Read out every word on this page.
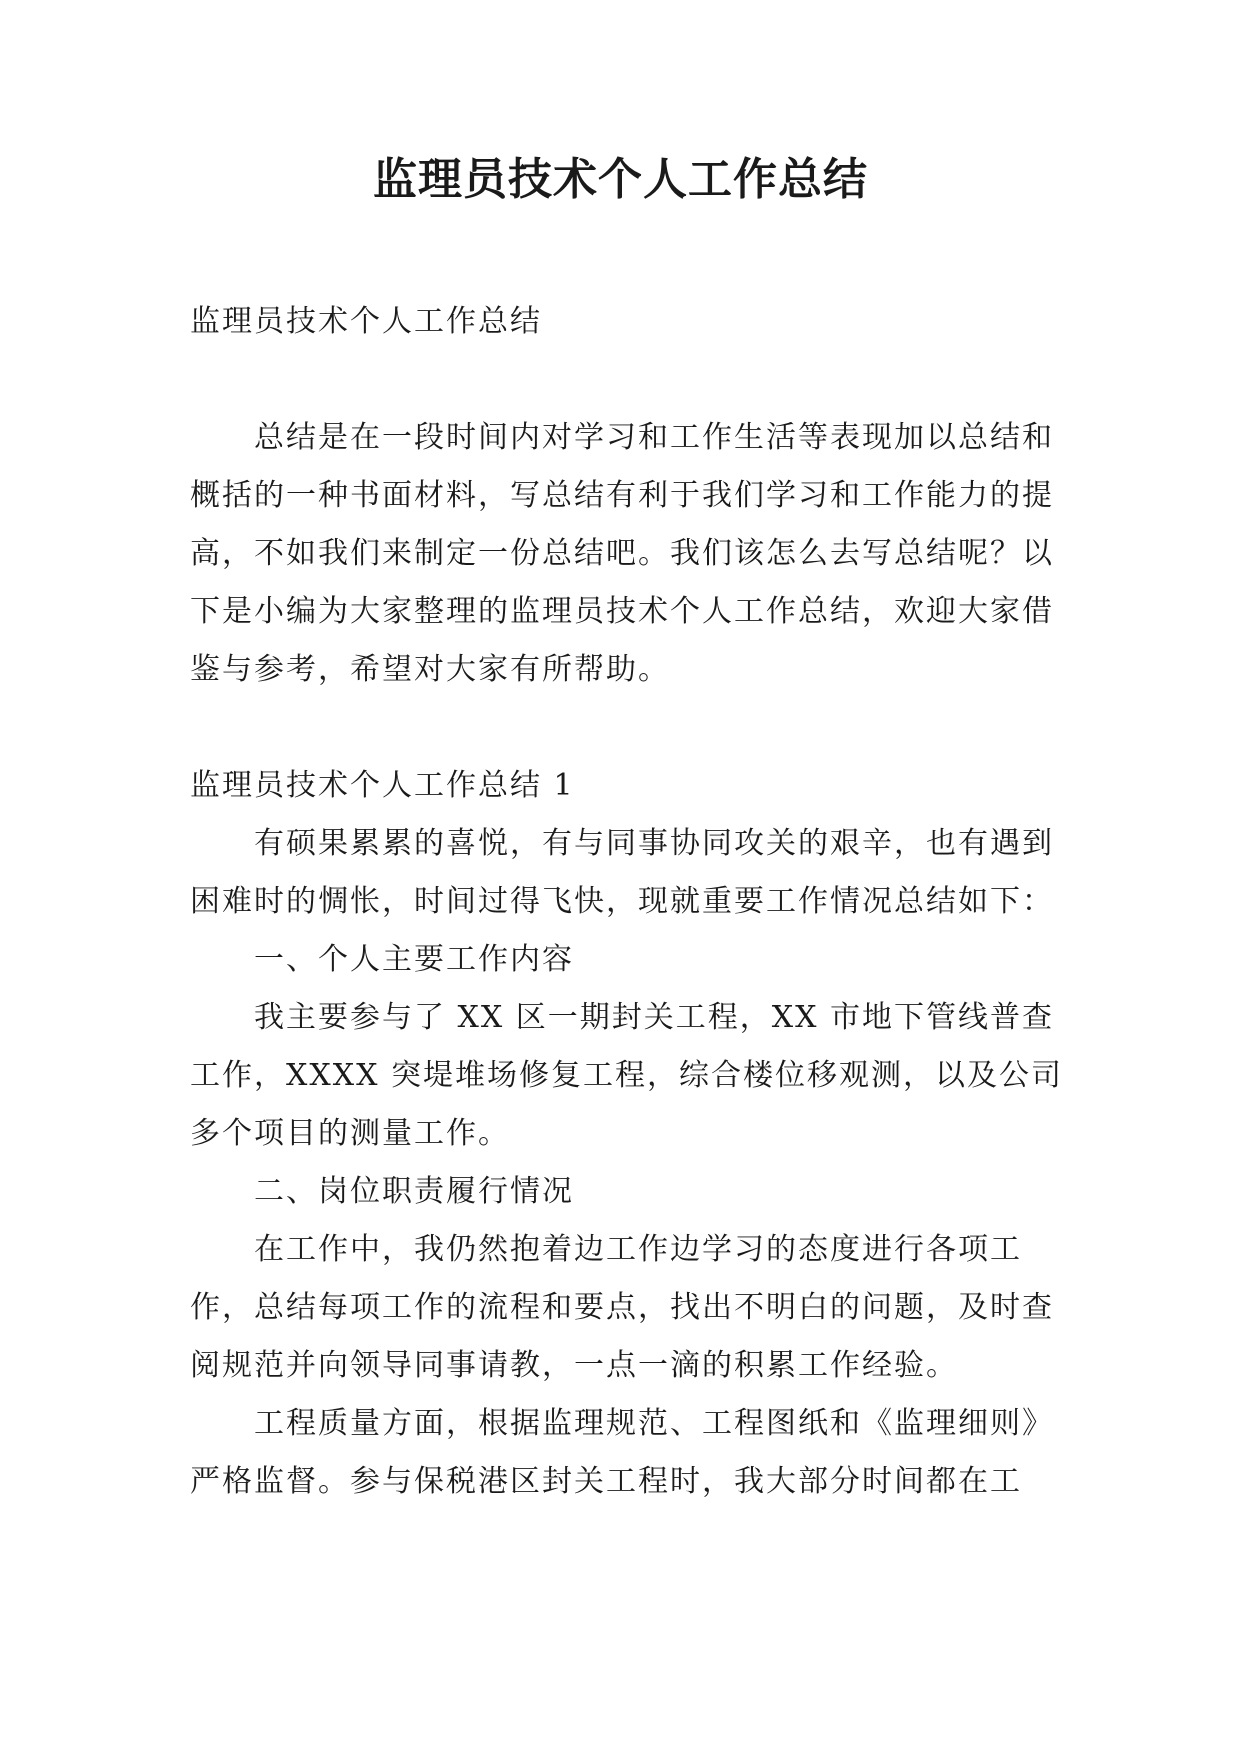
监理员技术个人工作总结

监理员技术个人工作总结

总结是在一段时间内对学习和工作生活等表现加以总结和概括的一种书面材料，写总结有利于我们学习和工作能力的提高，不如我们来制定一份总结吧。我们该怎么去写总结呢？以下是小编为大家整理的监理员技术个人工作总结，欢迎大家借鉴与参考，希望对大家有所帮助。

监理员技术个人工作总结 1

有硕果累累的喜悦，有与同事协同攻关的艰辛，也有遇到困难时的惆怅，时间过得飞快，现就重要工作情况总结如下：

一、个人主要工作内容

我主要参与了 XX 区一期封关工程，XX 市地下管线普查工作，XXXX 突堤堆场修复工程，综合楼位移观测，以及公司多个项目的测量工作。

二、岗位职责履行情况

在工作中，我仍然抱着边工作边学习的态度进行各项工作，总结每项工作的流程和要点，找出不明白的问题，及时查阅规范并向领导同事请教，一点一滴的积累工作经验。

工程质量方面，根据监理规范、工程图纸和《监理细则》严格监督。参与保税港区封关工程时，我大部分时间都在工
